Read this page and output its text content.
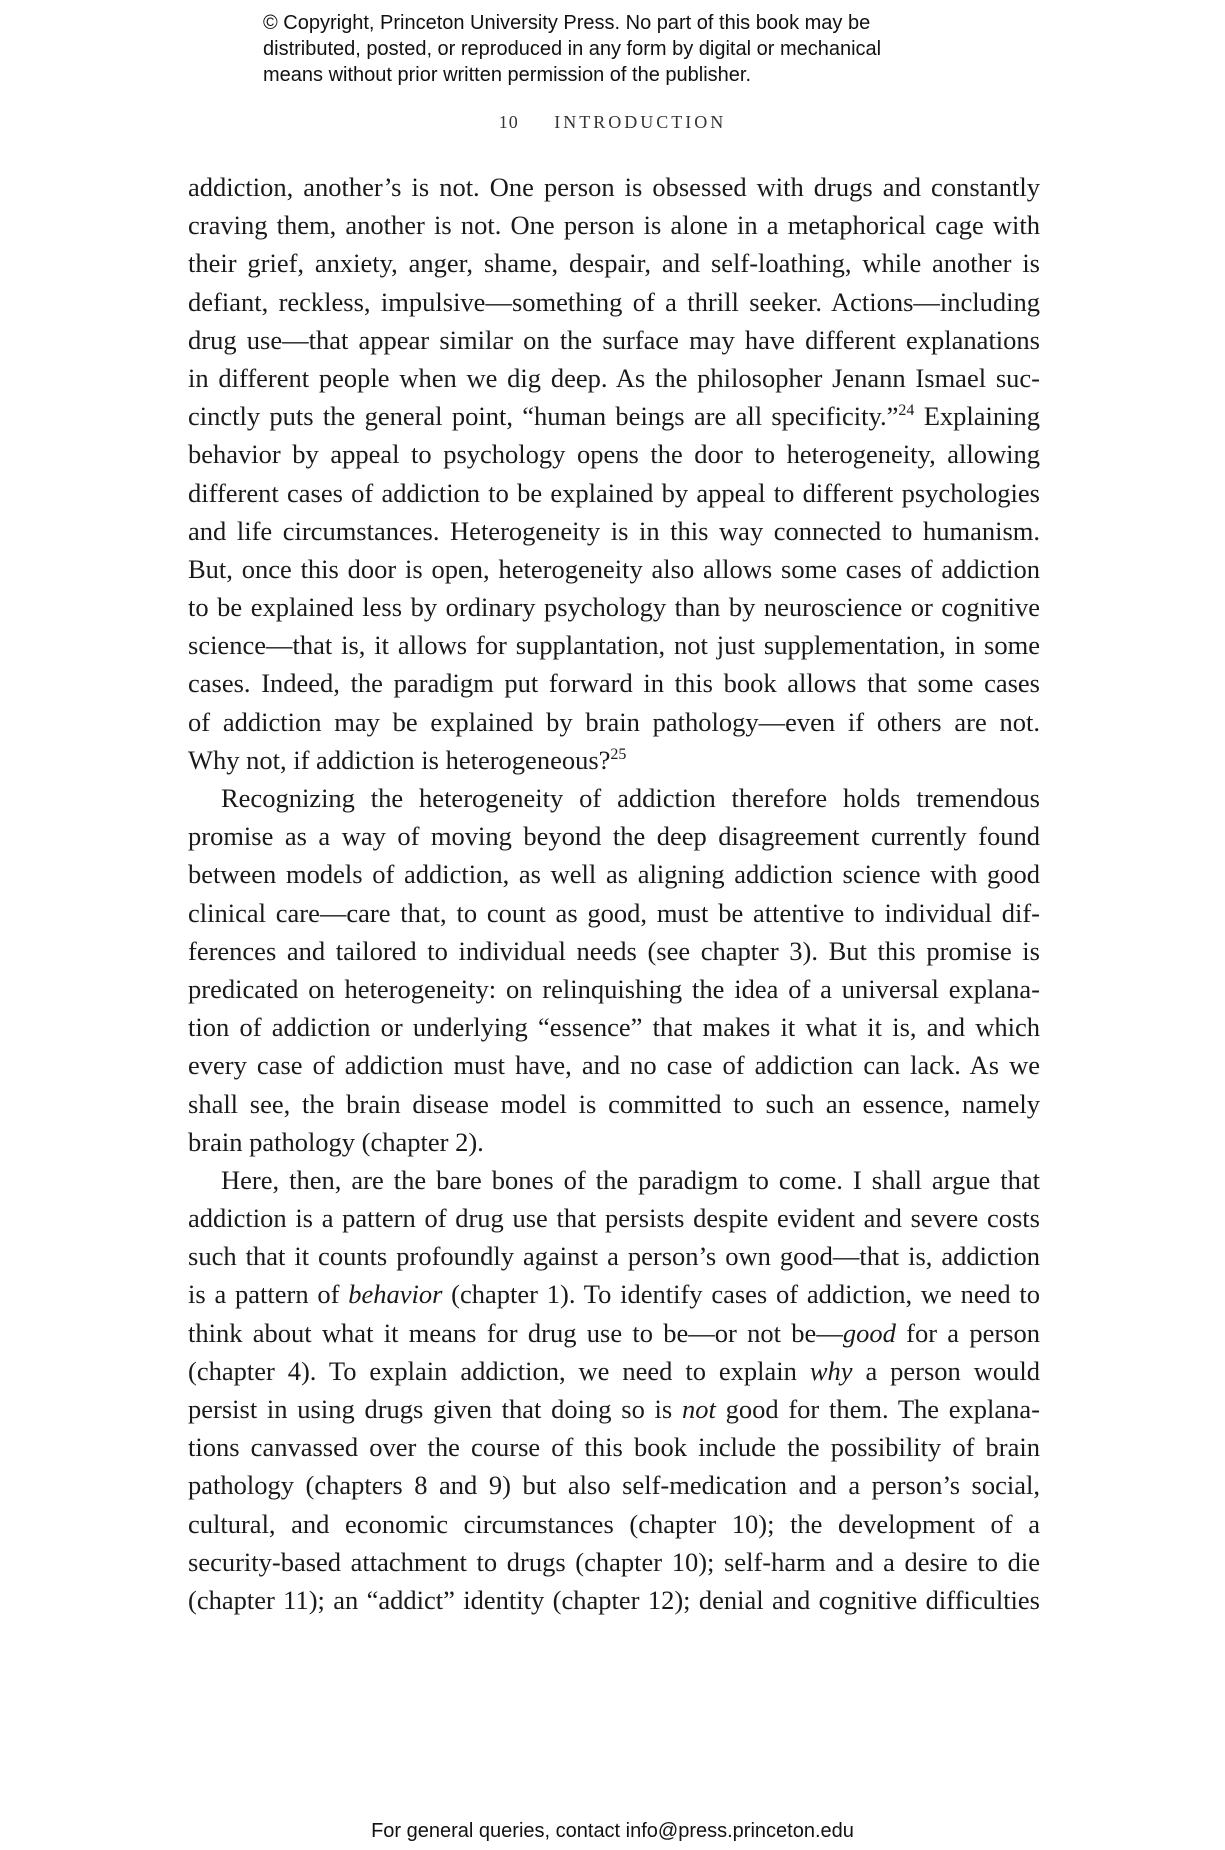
© Copyright, Princeton University Press. No part of this book may be
distributed, posted, or reproduced in any form by digital or mechanical
means without prior written permission of the publisher.
10 INTRODUCTION
addiction, another’s is not. One person is obsessed with drugs and constantly
craving them, another is not. One person is alone in a metaphorical cage with
their grief, anxiety, anger, shame, despair, and self-loathing, while another is
defiant, reckless, impulsive—something of a thrill seeker. Actions—including
drug use—that appear similar on the surface may have different explanations
in different people when we dig deep. As the philosopher Jenann Ismael suc-
cinctly puts the general point, “human beings are all specificity.”$^{24}$ Explaining
behavior by appeal to psychology opens the door to heterogeneity, allowing
different cases of addiction to be explained by appeal to different psychologies
and life circumstances. Heterogeneity is in this way connected to humanism.
But, once this door is open, heterogeneity also allows some cases of addiction
to be explained less by ordinary psychology than by neuroscience or cognitive
science—that is, it allows for supplantation, not just supplementation, in some
cases. Indeed, the paradigm put forward in this book allows that some cases
of addiction may be explained by brain pathology—even if others are not.
Why not, if addiction is heterogeneous?$^{25}$
Recognizing the heterogeneity of addiction therefore holds tremendous
promise as a way of moving beyond the deep disagreement currently found
between models of addiction, as well as aligning addiction science with good
clinical care—care that, to count as good, must be attentive to individual dif-
ferences and tailored to individual needs (see chapter 3). But this promise is
predicated on heterogeneity: on relinquishing the idea of a universal explana-
tion of addiction or underlying “essence” that makes it what it is, and which
every case of addiction must have, and no case of addiction can lack. As we
shall see, the brain disease model is committed to such an essence, namely
brain pathology (chapter 2).
Here, then, are the bare bones of the paradigm to come. I shall argue that
addiction is a pattern of drug use that persists despite evident and severe costs
such that it counts profoundly against a person’s own good—that is, addiction
is a pattern of behavior (chapter 1). To identify cases of addiction, we need to
think about what it means for drug use to be—or not be—good for a person
(chapter 4). To explain addiction, we need to explain why a person would
persist in using drugs given that doing so is not good for them. The explana-
tions canvassed over the course of this book include the possibility of brain
pathology (chapters 8 and 9) but also self-medication and a person’s social,
cultural, and economic circumstances (chapter 10); the development of a
security-based attachment to drugs (chapter 10); self-harm and a desire to die
(chapter 11); an “addict” identity (chapter 12); denial and cognitive difficulties
For general queries, contact info@press.princeton.edu
